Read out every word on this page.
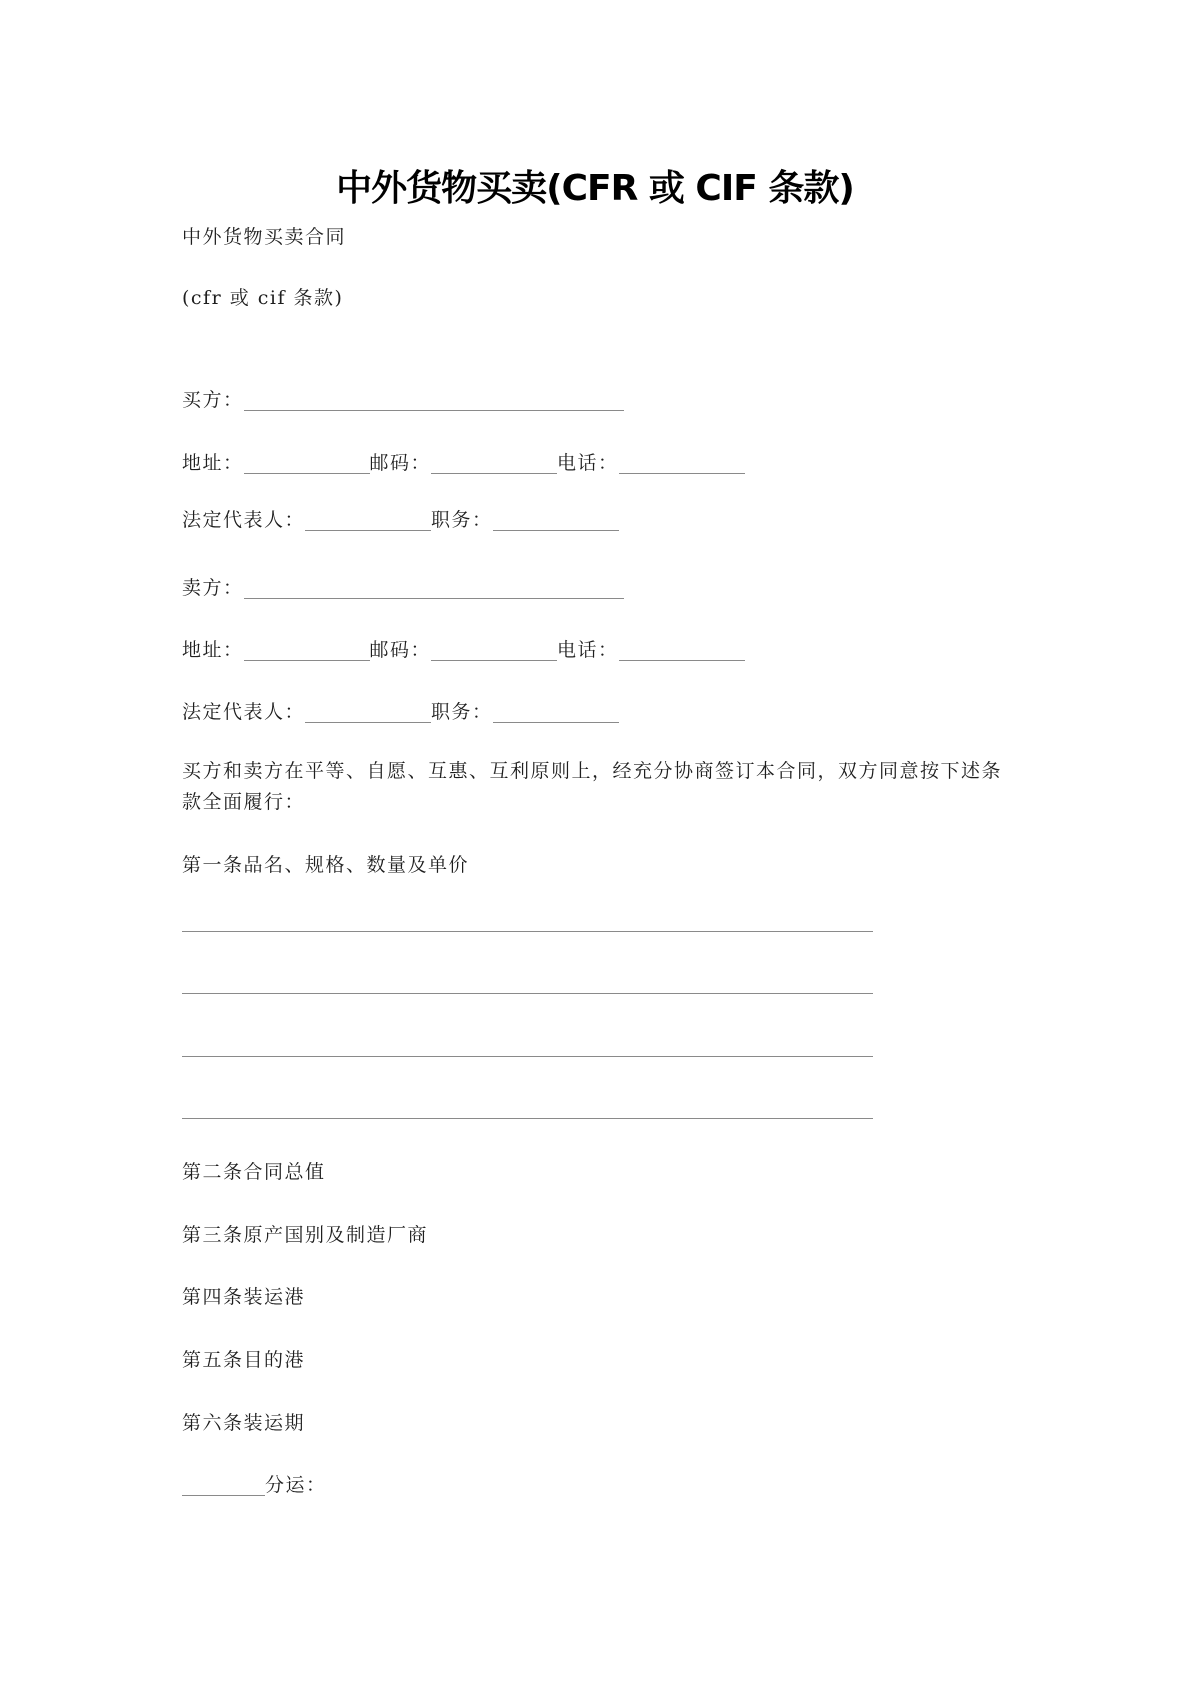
中外货物买卖(CFR 或 CIF 条款)
中外货物买卖合同
(cfr 或 cif 条款)
买方：
地址：	邮码：	电话：
法定代表人：	职务：
卖方：
地址：	邮码：	电话：
法定代表人：	职务：
买方和卖方在平等、自愿、互惠、互利原则上，经充分协商签订本合同，双方同意按下述条款全面履行：
第一条品名、规格、数量及单价
第二条合同总值
第三条原产国别及制造厂商
第四条装运港
第五条目的港
第六条装运期
分运：
